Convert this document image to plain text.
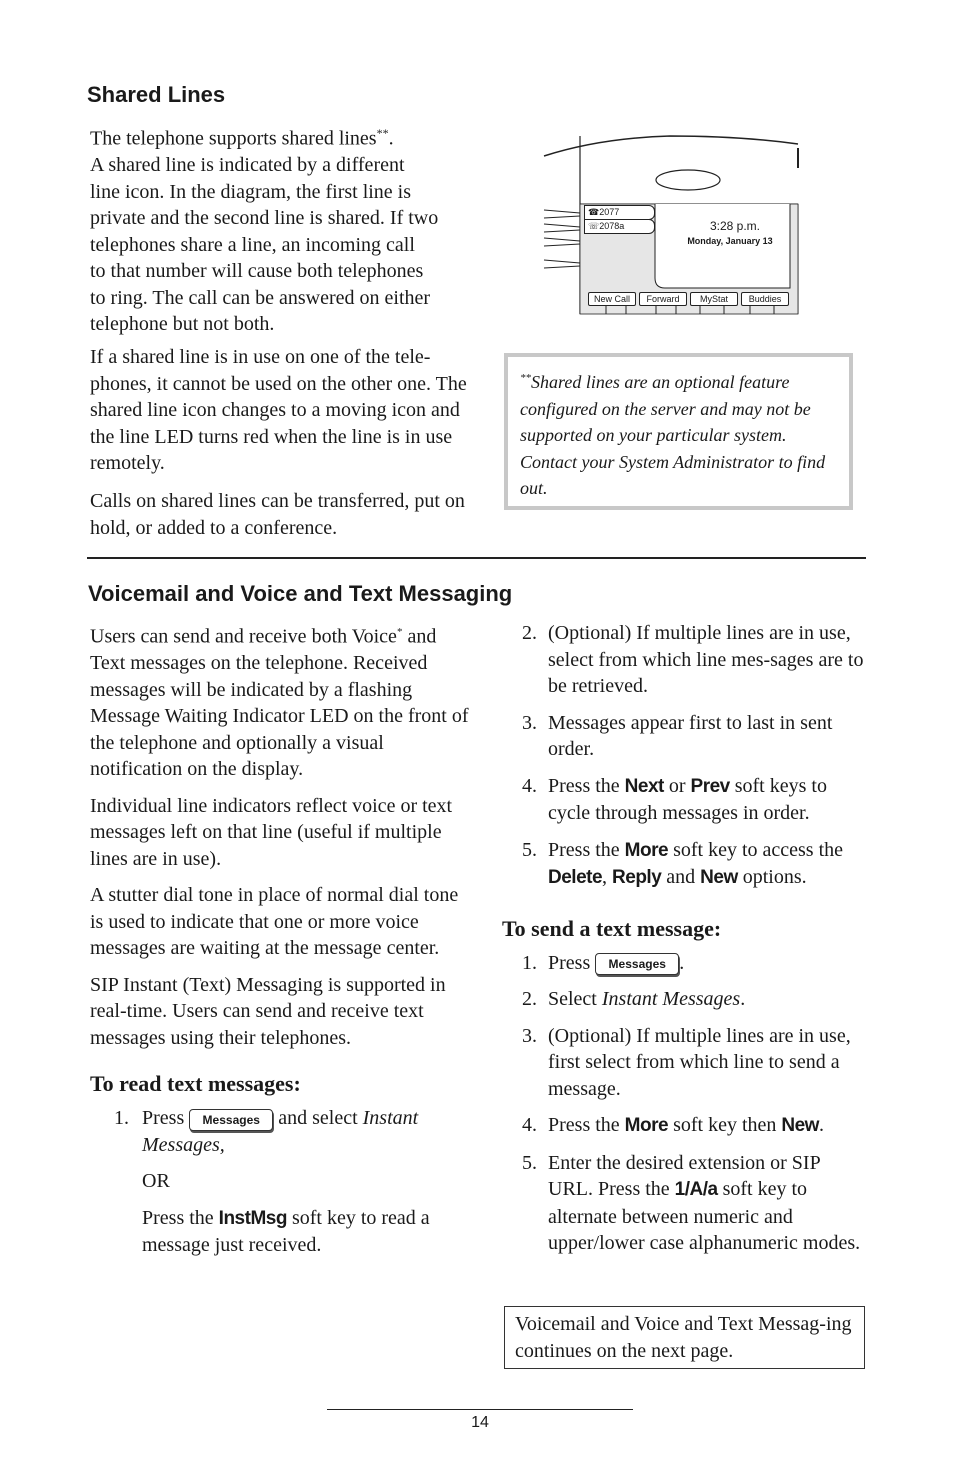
Shared Lines
The telephone supports shared lines**.
A shared line is indicated by a different
line icon. In the diagram, the first line is
private and the second line is shared. If two
telephones share a line, an incoming call
to that number will cause both telephones
to ring. The call can be answered on either
telephone but not both.

If a shared line is in use on one of the tele-phones, it cannot be used on the other one. The shared line icon changes to a moving icon and the line LED turns red when the line is in use remotely.

Calls on shared lines can be transferred, put on hold, or added to a conference.

☎2077
☏2078a	3:28 p.m.
Monday, January 13
New Call	Forward	MyStat	Buddies
**Shared lines are an optional feature configured on the server and may not be supported on your particular system. Contact your System Administrator to find out.
Voicemail and Voice and Text Messaging

Users can send and receive both Voice* and Text messages on the telephone. Received messages will be indicated by a flashing Message Waiting Indicator LED on the front of the telephone and optionally a visual notification on the display.

Individual line indicators reflect voice or text messages left on that line (useful if multiple lines are in use).

A stutter dial tone in place of normal dial tone is used to indicate that one or more voice messages are waiting at the message center.

SIP Instant (Text) Messaging is supported in real-time. Users can send and receive text messages using their telephones.

To read text messages:
1. Press Messages and select Instant Messages,
OR
Press the InstMsg soft key to read a message just received.
2. (Optional) If multiple lines are in use, select from which line mes-sages are to be retrieved.
3. Messages appear first to last in sent order.
4. Press the Next or Prev soft keys to cycle through messages in order.
5. Press the More soft key to access the Delete, Reply and New options.
To send a text message:
1. Press Messages .
2. Select Instant Messages.
3. (Optional) If multiple lines are in use, first select from which line to send a message.
4. Press the More soft key then New.
5. Enter the desired extension or SIP URL. Press the 1/A/a soft key to alternate between numeric and upper/lower case alphanumeric modes.
Voicemail and Voice and Text Messag-ing continues on the next page.
14
